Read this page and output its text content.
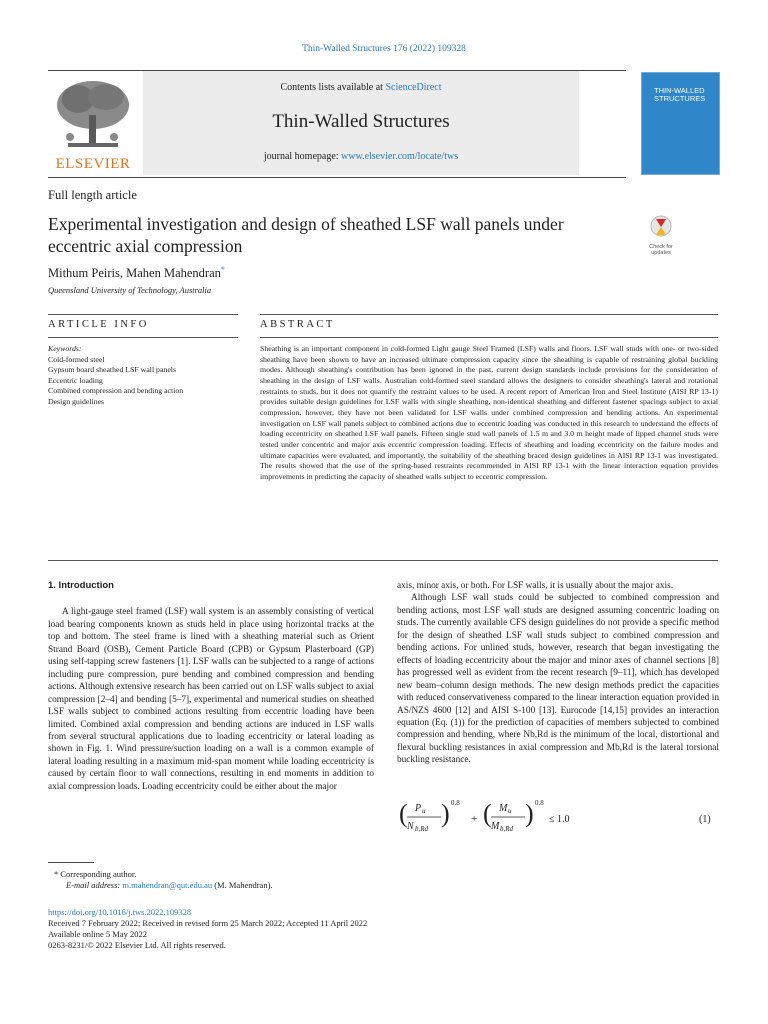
Thin-Walled Structures 176 (2022) 109328
ELSEVIER
Contents lists available at ScienceDirect
Thin-Walled Structures
journal homepage: www.elsevier.com/locate/tws
THIN-WALLED STRUCTURES
Full length article
Experimental investigation and design of sheathed LSF wall panels under eccentric axial compression	Check for updates
Mithum Peiris, Mahen Mahendran*
Queensland University of Technology, Australia
ARTICLE INFO	ABSTRACT
Keywords:
Cold-formed steel
Gypsum board sheathed LSF wall panels
Eccentric loading
Combined compression and bending action
Design guidelines
Sheathing is an important component in cold-formed Light gauge Steel Framed (LSF) walls and floors. LSF wall studs with one- or two-sided sheathing have been shown to have an increased ultimate compression capacity since the sheathing is capable of restraining global buckling modes. Although sheathing's contribution has been ignored in the past, current design standards include provisions for the consideration of sheathing in the design of LSF walls. Australian cold-formed steel standard allows the designers to consider sheathing's lateral and rotational restraints to studs, but it does not quantify the restraint values to be used. A recent report of American Iron and Steel Institute (AISI RP 13-1) provides suitable design guidelines for LSF walls with single sheathing, non-identical sheathing and different fastener spacings subject to axial compression, however, they have not been validated for LSF walls under combined compression and bending actions. An experimental investigation on LSF wall panels subject to combined actions due to eccentric loading was conducted in this research to understand the effects of loading eccentricity on sheathed LSF wall panels. Fifteen single stud wall panels of 1.5 m and 3.0 m height made of lipped channel studs were tested under concentric and major axis eccentric compression loading. Effects of sheathing and loading eccentricity on the failure modes and ultimate capacities were evaluated, and importantly, the suitability of the sheathing braced design guidelines in AISI RP 13-1 was investigated. The results showed that the use of the spring-based restraints recommended in AISI RP 13-1 with the linear interaction equation provides improvements in predicting the capacity of sheathed walls subject to eccentric compression.
1. Introduction

A light-gauge steel framed (LSF) wall system is an assembly consisting of vertical load bearing components known as studs held in place using horizontal tracks at the top and bottom. The steel frame is lined with a sheathing material such as Orient Strand Board (OSB), Cement Particle Board (CPB) or Gypsum Plasterboard (GP) using self-tapping screw fasteners [1]. LSF walls can be subjected to a range of actions including pure compression, pure bending and combined compression and bending actions. Although extensive research has been carried out on LSF walls subject to axial compression [2–4] and bending [5–7], experimental and numerical studies on sheathed LSF walls subject to combined actions resulting from eccentric loading have been limited. Combined axial compression and bending actions are induced in LSF walls from several structural applications due to loading eccentricity or lateral loading as shown in Fig. 1. Wind pressure/suction loading on a wall is a common example of lateral loading resulting in a maximum mid-span moment while loading eccentricity is caused by certain floor to wall connections, resulting in end moments in addition to axial compression loads. Loading eccentricity could be either about the major

axis, minor axis, or both. For LSF walls, it is usually about the major axis.

Although LSF wall studs could be subjected to combined compression and bending actions, most LSF wall studs are designed assuming concentric loading on studs. The currently available CFS design guidelines do not provide a specific method for the design of sheathed LSF wall studs subject to combined compression and bending actions. For unlined studs, however, research that began investigating the effects of loading eccentricity about the major and minor axes of channel sections [8] has progressed well as evident from the recent research [9–11], which has developed new beam–column design methods. The new design methods predict the capacities with reduced conservativeness compared to the linear interaction equation provided in AS/NZS 4600 [12] and AISI S-100 [13]. Eurocode [14,15] provides an interaction equation (Eq. (1)) for the prediction of capacities of members subjected to combined compression and bending, where Nb,Rd is the minimum of the local, distortional and flexural buckling resistances in axial compression and Mb,Rd is the lateral torsional buckling resistance.

( P u
N b,Rd
) 0.8
+ ( M u
M b,Rd
) 0.8
≤ 1.0	(1)
* Corresponding author.
E-mail address: m.mahendran@qut.edu.au (M. Mahendran).
https://doi.org/10.1016/j.tws.2022.109328
Received 7 February 2022; Received in revised form 25 March 2022; Accepted 11 April 2022
Available online 5 May 2022
0263-8231/© 2022 Elsevier Ltd. All rights reserved.
